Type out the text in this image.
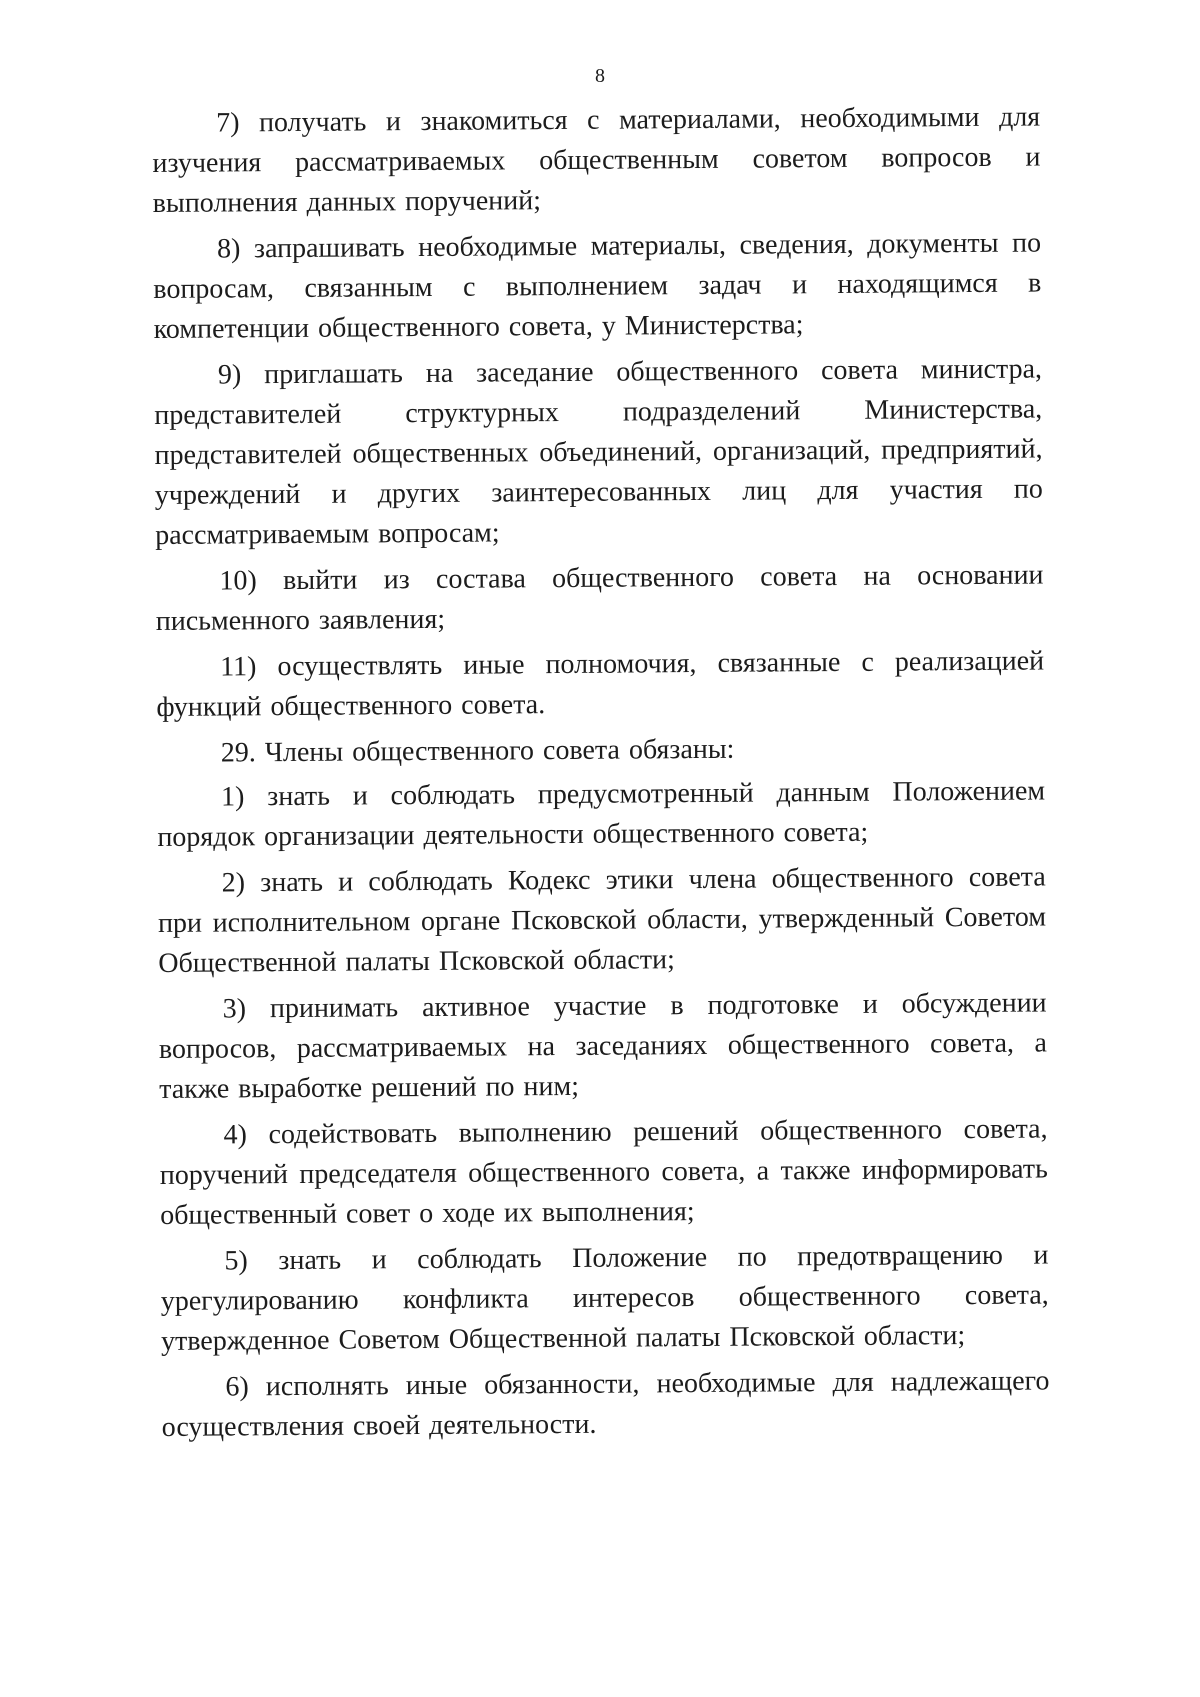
8

7) получать и знакомиться с материалами, необходимыми для изучения рассматриваемых общественным советом вопросов и выполнения данных поручений;

8) запрашивать необходимые материалы, сведения, документы по вопросам, связанным с выполнением задач и находящимся в компетенции общественного совета, у Министерства;

9) приглашать на заседание общественного совета министра, представителей структурных подразделений Министерства, представителей общественных объединений, организаций, предприятий, учреждений и других заинтересованных лиц для участия по рассматриваемым вопросам;

10) выйти из состава общественного совета на основании письменного заявления;

11) осуществлять иные полномочия, связанные с реализацией функций общественного совета.

29. Члены общественного совета обязаны:

1) знать и соблюдать предусмотренный данным Положением порядок организации деятельности общественного совета;

2) знать и соблюдать Кодекс этики члена общественного совета при исполнительном органе Псковской области, утвержденный Советом Общественной палаты Псковской области;

3) принимать активное участие в подготовке и обсуждении вопросов, рассматриваемых на заседаниях общественного совета, а также выработке решений по ним;

4) содействовать выполнению решений общественного совета, поручений председателя общественного совета, а также информировать общественный совет о ходе их выполнения;

5) знать и соблюдать Положение по предотвращению и урегулированию конфликта интересов общественного совета, утвержденное Советом Общественной палаты Псковской области;

6) исполнять иные обязанности, необходимые для надлежащего осуществления своей деятельности.
